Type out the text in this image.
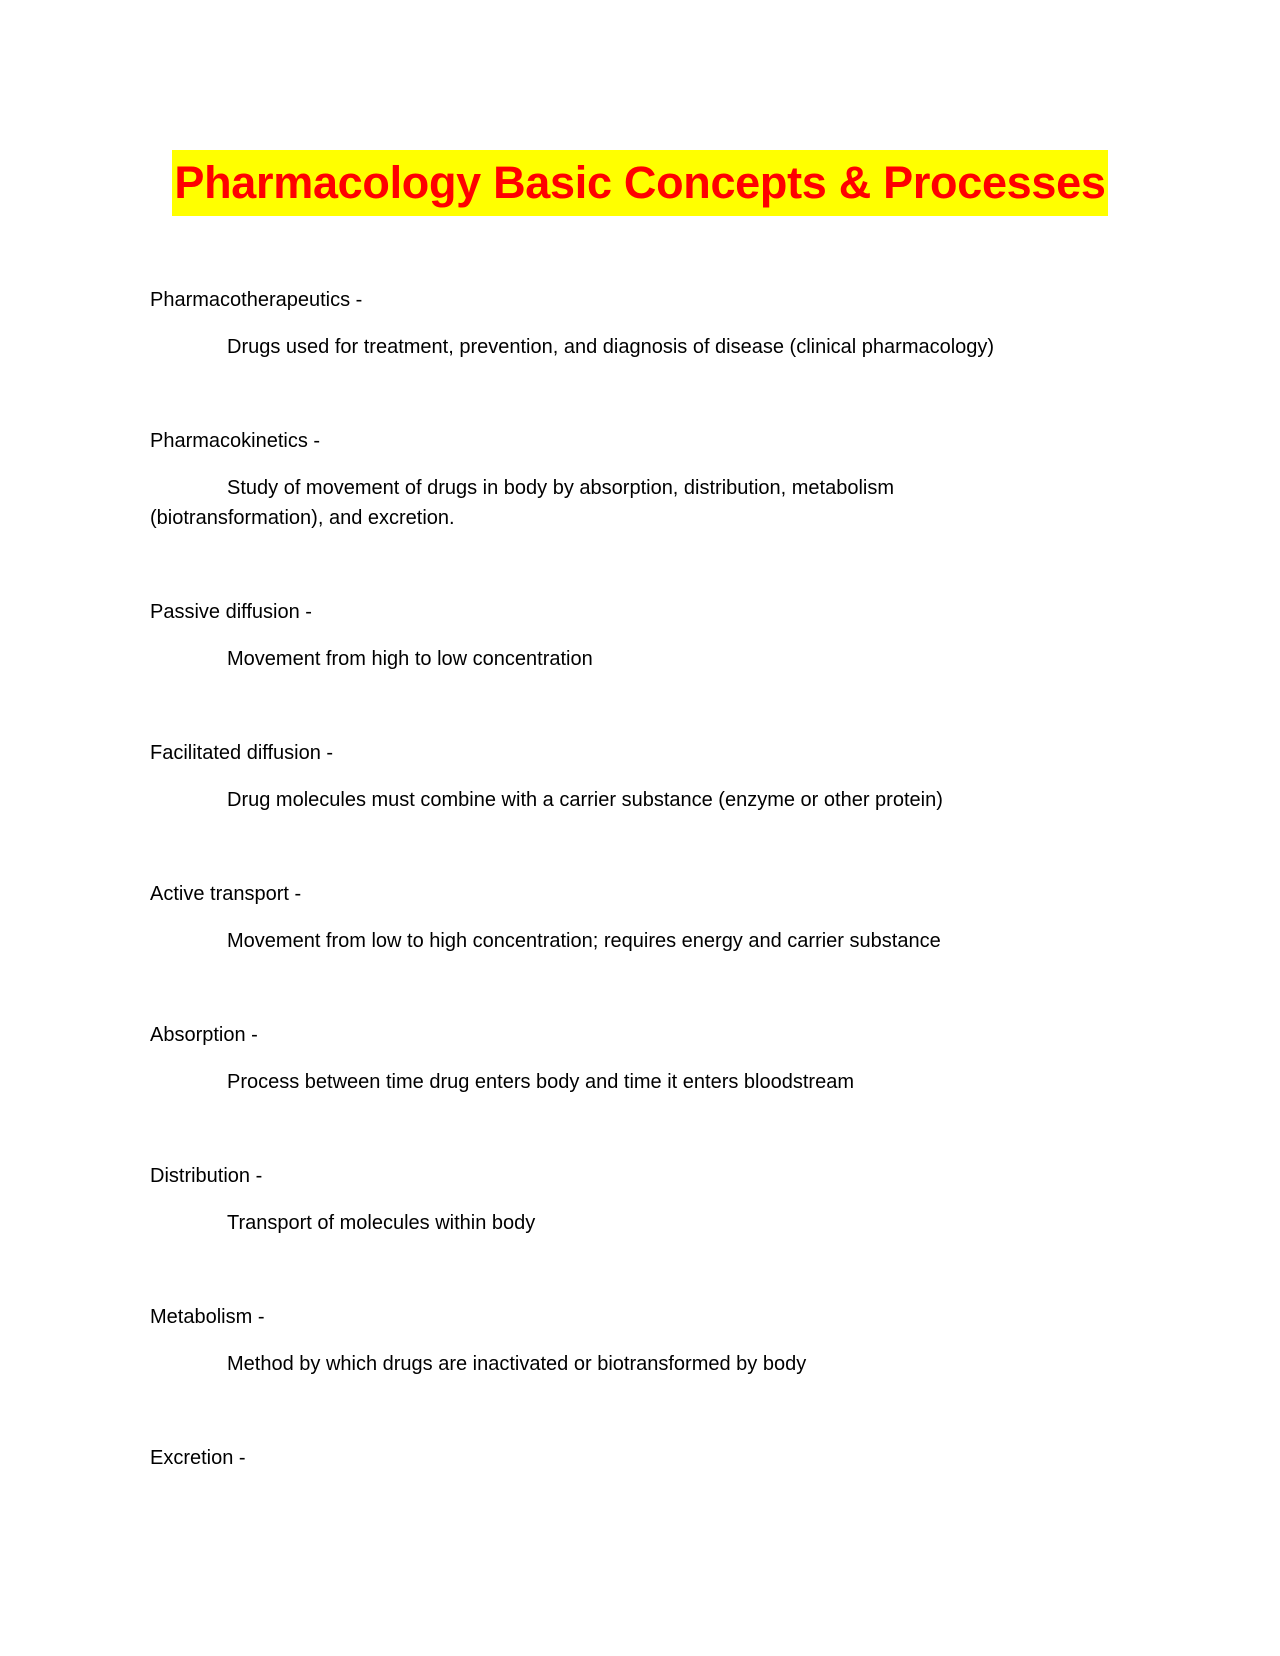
Pharmacology Basic Concepts & Processes

Pharmacotherapeutics -

Drugs used for treatment, prevention, and diagnosis of disease (clinical pharmacology)

Pharmacokinetics -

Study of movement of drugs in body by absorption, distribution, metabolism (biotransformation), and excretion.

Passive diffusion -

Movement from high to low concentration

Facilitated diffusion -

Drug molecules must combine with a carrier substance (enzyme or other protein)

Active transport -

Movement from low to high concentration; requires energy and carrier substance

Absorption -

Process between time drug enters body and time it enters bloodstream

Distribution -

Transport of molecules within body

Metabolism -

Method by which drugs are inactivated or biotransformed by body

Excretion -
